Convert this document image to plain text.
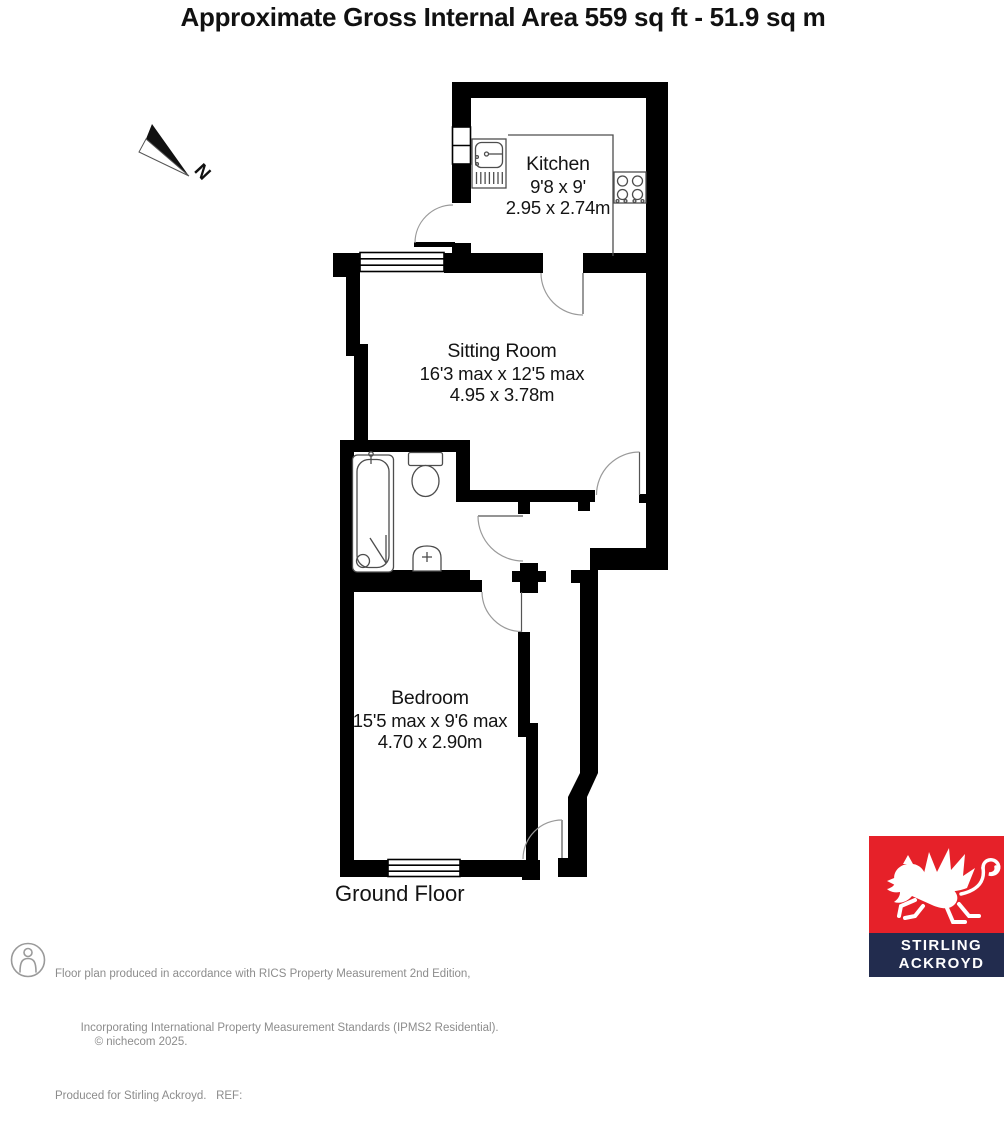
Approximate Gross Internal Area 559 sq ft - 51.9 sq m
N	Kitchen
9'8 x 9'
2.95 x 2.74m
Sitting Room
16'3 max x 12'5 max
4.95 x 3.78m
Bedroom
15'5 max x 9'6 max
4.70 x 2.90m
Ground Floor

Floor plan produced in accordance with RICS Property Measurement 2nd Edition,

Incorporating International Property Measurement Standards (IPMS2 Residential).
© nichecom 2025.

Produced for Stirling Ackroyd.   REF:

STIRLING
ACKROYD
